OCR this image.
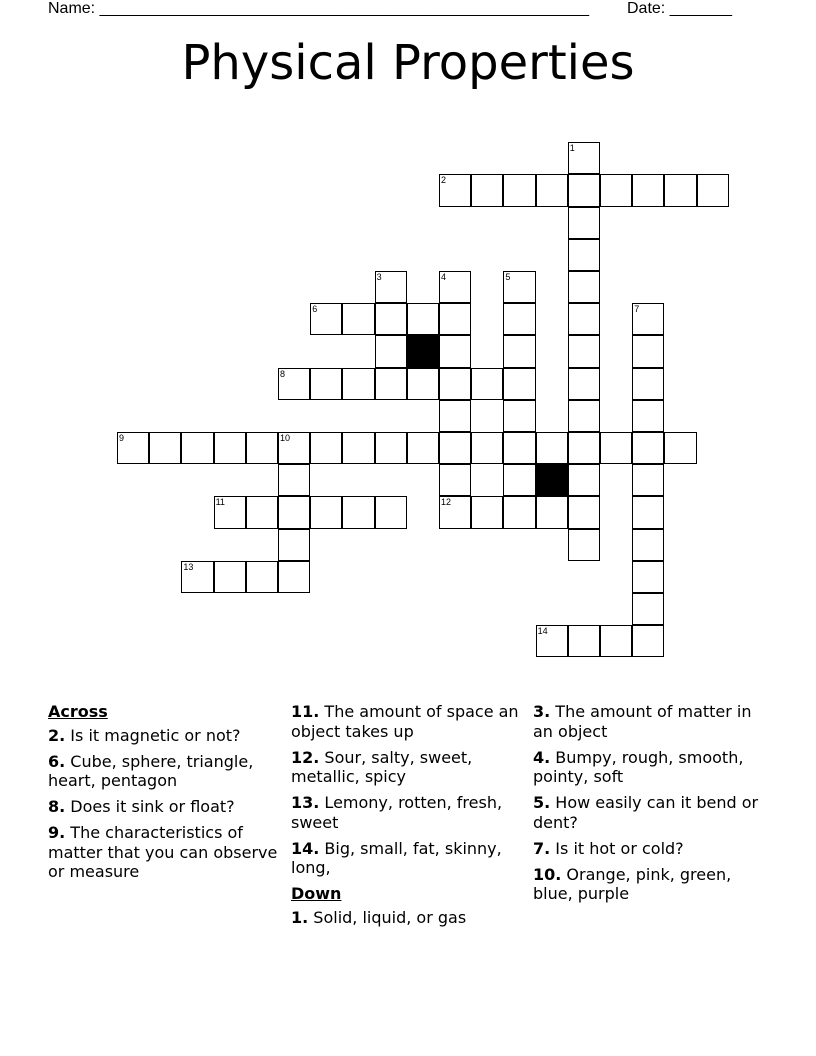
Name: _______________________________________________________ Date: _______
Physical Properties
1
2
3	4	5
6	7
8
9	10
11	12
13
14
Across
2. Is it magnetic or not?
6. Cube, sphere, triangle, heart, pentagon
8. Does it sink or float?
9. The characteristics of matter that you can observe or measure
11. The amount of space an object takes up
12. Sour, salty, sweet, metallic, spicy
13. Lemony, rotten, fresh, sweet
14. Big, small, fat, skinny, long,
Down
1. Solid, liquid, or gas
3. The amount of matter in an object
4. Bumpy, rough, smooth, pointy, soft
5. How easily can it bend or dent?
7. Is it hot or cold?
10. Orange, pink, green, blue, purple
